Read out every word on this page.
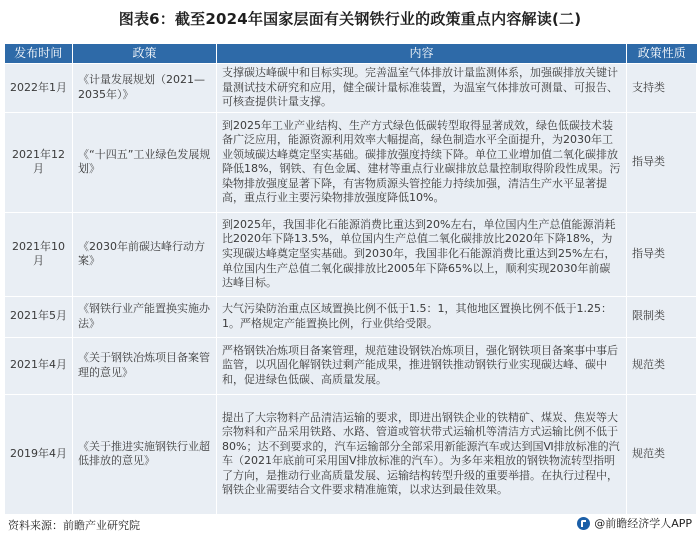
图表6：截至2024年国家层面有关钢铁行业的政策重点内容解读(二)
发布时间	政策	内容	政策性质
2022年1月	《计量发展规划（2021—2035年）》	支撑碳达峰碳中和目标实现。完善温室气体排放计量监测体系，加强碳排放关键计量测试技术研究和应用，健全碳计量标准装置，为温室气体排放可测量、可报告、可核查提供计量支撑。	支持类
2021年12月	《“十四五”工业绿色发展规划》	到2025年工业产业结构、生产方式绿色低碳转型取得显著成效，绿色低碳技术装备广泛应用，能源资源利用效率大幅提高，绿色制造水平全面提升，为2030年工业领域碳达峰奠定坚实基础。碳排放强度持续下降。单位工业增加值二氧化碳排放降低18%，钢铁、有色金属、建材等重点行业碳排放总量控制取得阶段性成果。污染物排放强度显著下降，有害物质源头管控能力持续加强，清洁生产水平显著提高，重点行业主要污染物排放强度降低10%。	指导类
2021年10月	《2030年前碳达峰行动方案》	到2025年，我国非化石能源消费比重达到20%左右，单位国内生产总值能源消耗比2020年下降13.5%，单位国内生产总值二氧化碳排放比2020年下降18%，为实现碳达峰奠定坚实基础。到2030年，我国非化石能源消费比重达到25%左右，单位国内生产总值二氧化碳排放比2005年下降65%以上，顺利实现2030年前碳达峰目标。	指导类
2021年5月	《钢铁行业产能置换实施办法》	大气污染防治重点区域置换比例不低于1.5：1，其他地区置换比例不低于1.25：1。严格规定产能置换比例，行业供给受限。	限制类
2021年4月	《关于钢铁冶炼项目备案管理的意见》	严格钢铁冶炼项目备案管理，规范建设钢铁冶炼项目，强化钢铁项目备案事中事后监管，以巩固化解钢铁过剩产能成果，推进钢铁推动钢铁行业实现碳达峰、碳中和，促进绿色低碳、高质量发展。	规范类
2019年4月	《关于推进实施钢铁行业超低排放的意见》	提出了大宗物料产品清洁运输的要求，即进出钢铁企业的铁精矿、煤炭、焦炭等大宗物料和产品采用铁路、水路、管道或管状带式运输机等清洁方式运输比例不低于80%；达不到要求的，汽车运输部分全部采用新能源汽车或达到国Ⅵ排放标准的汽车（2021年底前可采用国Ⅴ排放标准的汽车）。为多年来粗放的钢铁物流转型指明了方向，是推动行业高质量发展、运输结构转型升级的重要举措。在执行过程中，钢铁企业需要结合文件要求精准施策，以求达到最佳效果。	规范类
资料来源：前瞻产业研究院	@前瞻经济学人APP
